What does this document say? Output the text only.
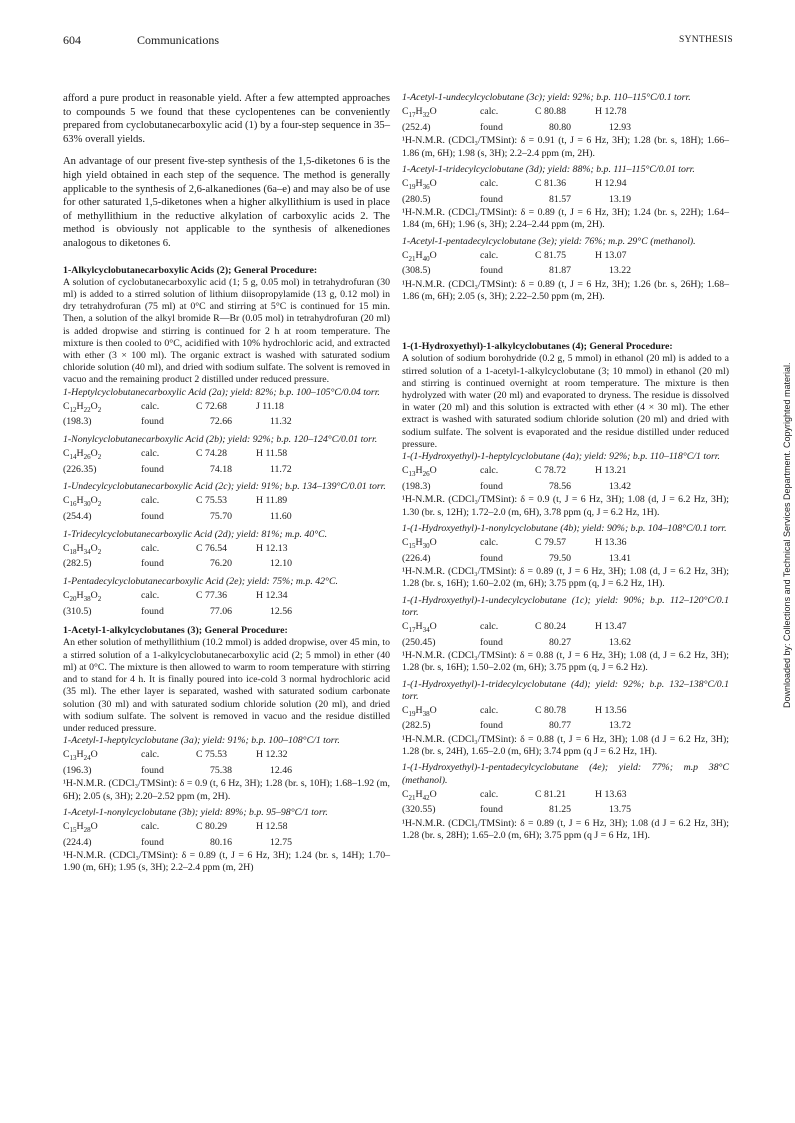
604	Communications	SYNTHESIS

afford a pure product in reasonable yield. After a few attempted approaches to compounds 5 we found that these cyclopentenes can be conveniently prepared from cyclobutanecarboxylic acid (1) by a four-step sequence in 35–63% overall yields.

An advantage of our present five-step synthesis of the 1,5-diketones 6 is the high yield obtained in each step of the sequence. The method is generally applicable to the synthesis of 2,6-alkanediones (6a–e) and may also be of use for other saturated 1,5-diketones when a higher alkyllithium is used in place of methyllithium in the reductive alkylation of carboxylic acids 2. The method is obviously not applicable to the synthesis of alkenediones analogous to diketones 6.

1-Alkylcyclobutanecarboxylic Acids (2); General Procedure:

A solution of cyclobutanecarboxylic acid (1; 5 g, 0.05 mol) in tetrahydrofuran (30 ml) is added to a stirred solution of lithium diisopropylamide (13 g, 0.12 mol) in dry tetrahydrofuran (75 ml) at 0°C and stirring at 5°C is continued for 15 min. Then, a solution of the alkyl bromide R—Br (0.05 mol) in tetrahydrofuran (20 ml) is added dropwise and stirring is continued for 2 h at room temperature. The mixture is then cooled to 0°C, acidified with 10% hydrochloric acid, and extracted with ether (3 × 100 ml). The organic extract is washed with saturated sodium chloride solution (40 ml), and dried with sodium sulfate. The solvent is removed in vacuo and the remaining product 2 distilled under reduced pressure.

1-Heptylcyclobutanecarboxylic Acid (2a); yield: 82%; b.p. 100–105°C/0.04 torr.

$C_{12}H_{22}O_2$	calc.	C 72.68	J 11.18
(198.3)	found	72.66	11.32

1-Nonylcyclobutanecarboxylic Acid (2b); yield: 92%; b.p. 120–124°C/0.01 torr.

$C_{14}H_{26}O_2$	calc.	C 74.28	H 11.58
(226.35)	found	74.18	11.72

1-Undecylcyclobutanecarboxylic Acid (2c); yield: 91%; b.p. 134–139°C/0.01 torr.

$C_{16}H_{30}O_2$	calc.	C 75.53	H 11.89
(254.4)	found	75.70	11.60

1-Tridecylcyclobutanecarboxylic Acid (2d); yield: 81%; m.p. 40°C.

$C_{18}H_{34}O_2$	calc.	C 76.54	H 12.13
(282.5)	found	76.20	12.10

1-Pentadecylcyclobutanecarboxylic Acid (2e); yield: 75%; m.p. 42°C.

$C_{20}H_{38}O_2$	calc.	C 77.36	H 12.34
(310.5)	found	77.06	12.56
1-Acetyl-1-alkylcyclobutanes (3); General Procedure:

An ether solution of methyllithium (10.2 mmol) is added dropwise, over 45 min, to a stirred solution of a 1-alkylcyclobutanecarboxylic acid (2; 5 mmol) in ether (40 ml) at 0°C. The mixture is then allowed to warm to room temperature with stirring and to stand for 4 h. It is finally poured into ice-cold 3 normal hydrochloric acid (35 ml). The ether layer is separated, washed with saturated sodium carbonate solution (30 ml) and with saturated sodium chloride solution (20 ml), and dried with sodium sulfate. The solvent is removed in vacuo and the residue distilled under reduced pressure.

1-Acetyl-1-heptylcyclobutane (3a); yield: 91%; b.p. 100–108°C/1 torr.

$C_{13}H_{24}O$	calc.	C 75.53	H 12.32
(196.3)	found	75.38	12.46

¹H-N.M.R. (CDCl₃/TMSint): δ = 0.9 (t, 6 Hz, 3H); 1.28 (br. s, 10H); 1.68–1.92 (m, 6H); 2.05 (s, 3H); 2.20–2.52 ppm (m, 2H).

1-Acetyl-1-nonylcyclobutane (3b); yield: 89%; b.p. 95–98°C/1 torr.

$C_{15}H_{28}O$	calc.	C 80.29	H 12.58
(224.4)	found	80.16	12.75

¹H-N.M.R. (CDCl₃/TMSint): δ = 0.89 (t, J = 6 Hz, 3H); 1.24 (br. s, 14H); 1.70–1.90 (m, 6H); 1.95 (s, 3H); 2.2–2.4 ppm (m, 2H)

1-Acetyl-1-undecylcyclobutane (3c); yield: 92%; b.p. 110–115°C/0.1 torr.

$C_{17}H_{32}O$	calc.	C 80.88	H 12.78
(252.4)	found	80.80	12.93

¹H-N.M.R. (CDCl₃/TMSint): δ = 0.91 (t, J = 6 Hz, 3H); 1.28 (br. s, 18H); 1.66–1.86 (m, 6H); 1.98 (s, 3H); 2.2–2.4 ppm (m, 2H).

1-Acetyl-1-tridecylcyclobutane (3d); yield: 88%; b.p. 111–115°C/0.01 torr.

$C_{19}H_{36}O$	calc.	C 81.36	H 12.94
(280.5)	found	81.57	13.19

¹H-N.M.R. (CDCl₃/TMSint): δ = 0.89 (t, J = 6 Hz, 3H); 1.24 (br. s, 22H); 1.64–1.84 (m, 6H); 1.96 (s, 3H); 2.24–2.44 ppm (m, 2H).

1-Acetyl-1-pentadecylcyclobutane (3e); yield: 76%; m.p. 29°C (methanol).

$C_{21}H_{40}O$	calc.	C 81.75	H 13.07
(308.5)	found	81.87	13.22

¹H-N.M.R. (CDCl₃/TMSint): δ = 0.89 (t, J = 6 Hz, 3H); 1.26 (br. s, 26H); 1.68–1.86 (m, 6H); 2.05 (s, 3H); 2.22–2.50 ppm (m, 2H).

1-(1-Hydroxyethyl)-1-alkylcyclobutanes (4); General Procedure:

A solution of sodium borohydride (0.2 g, 5 mmol) in ethanol (20 ml) is added to a stirred solution of a 1-acetyl-1-alkylcyclobutane (3; 10 mmol) in ethanol (20 ml) and stirring is continued overnight at room temperature. The mixture is then hydrolyzed with water (20 ml) and evaporated to dryness. The residue is dissolved in water (20 ml) and this solution is extracted with ether (4 × 30 ml). The ether extract is washed with saturated sodium chloride solution (20 ml) and dried with sodium sulfate. The solvent is evaporated and the residue distilled under reduced pressure.

1-(1-Hydroxyethyl)-1-heptylcyclobutane (4a); yield: 92%; b.p. 110–118°C/1 torr.

$C_{13}H_{26}O$	calc.	C 78.72	H 13.21
(198.3)	found	78.56	13.42

¹H-N.M.R. (CDCl₃/TMSint): δ = 0.9 (t, J = 6 Hz, 3H); 1.08 (d, J = 6.2 Hz, 3H); 1.30 (br. s, 12H); 1.72–2.0 (m, 6H), 3.78 ppm (q, J = 6.2 Hz, 1H).

1-(1-Hydroxyethyl)-1-nonylcyclobutane (4b); yield: 90%; b.p. 104–108°C/0.1 torr.

$C_{15}H_{30}O$	calc.	C 79.57	H 13.36
(226.4)	found	79.50	13.41

¹H-N.M.R. (CDCl₃/TMSint): δ = 0.89 (t, J = 6 Hz, 3H); 1.08 (d, J = 6.2 Hz, 3H); 1.28 (br. s, 16H); 1.60–2.02 (m, 6H); 3.75 ppm (q, J = 6.2 Hz, 1H).

1-(1-Hydroxyethyl)-1-undecylcyclobutane (1c); yield: 90%; b.p. 112–120°C/0.1 torr.

$C_{17}H_{34}O$	calc.	C 80.24	H 13.47
(250.45)	found	80.27	13.62

¹H-N.M.R. (CDCl₃/TMSint): δ = 0.88 (t, J = 6 Hz, 3H); 1.08 (d, J = 6.2 Hz, 3H); 1.28 (br. s, 16H); 1.50–2.02 (m, 6H); 3.75 ppm (q, J = 6.2 Hz).

1-(1-Hydroxyethyl)-1-tridecylcyclobutane (4d); yield: 92%; b.p. 132–138°C/0.1 torr.

$C_{19}H_{38}O$	calc.	C 80.78	H 13.56
(282.5)	found	80.77	13.72

¹H-N.M.R. (CDCl₃/TMSint): δ = 0.88 (t, J = 6 Hz, 3H); 1.08 (d J = 6.2 Hz, 3H); 1.28 (br. s, 24H), 1.65–2.0 (m, 6H); 3.74 ppm (q J = 6.2 Hz, 1H).

1-(1-Hydroxyethyl)-1-pentadecylcyclobutane (4e); yield: 77%; m.p 38°C (methanol).

$C_{21}H_{42}O$	calc.	C 81.21	H 13.63
(320.55)	found	81.25	13.75

¹H-N.M.R. (CDCl₃/TMSint): δ = 0.89 (t, J = 6 Hz, 3H); 1.08 (d J = 6.2 Hz, 3H); 1.28 (br. s, 28H); 1.65–2.0 (m, 6H); 3.75 ppm (q J = 6 Hz, 1H).

Downloaded by: Collections and Technical Services Department. Copyrighted material.
